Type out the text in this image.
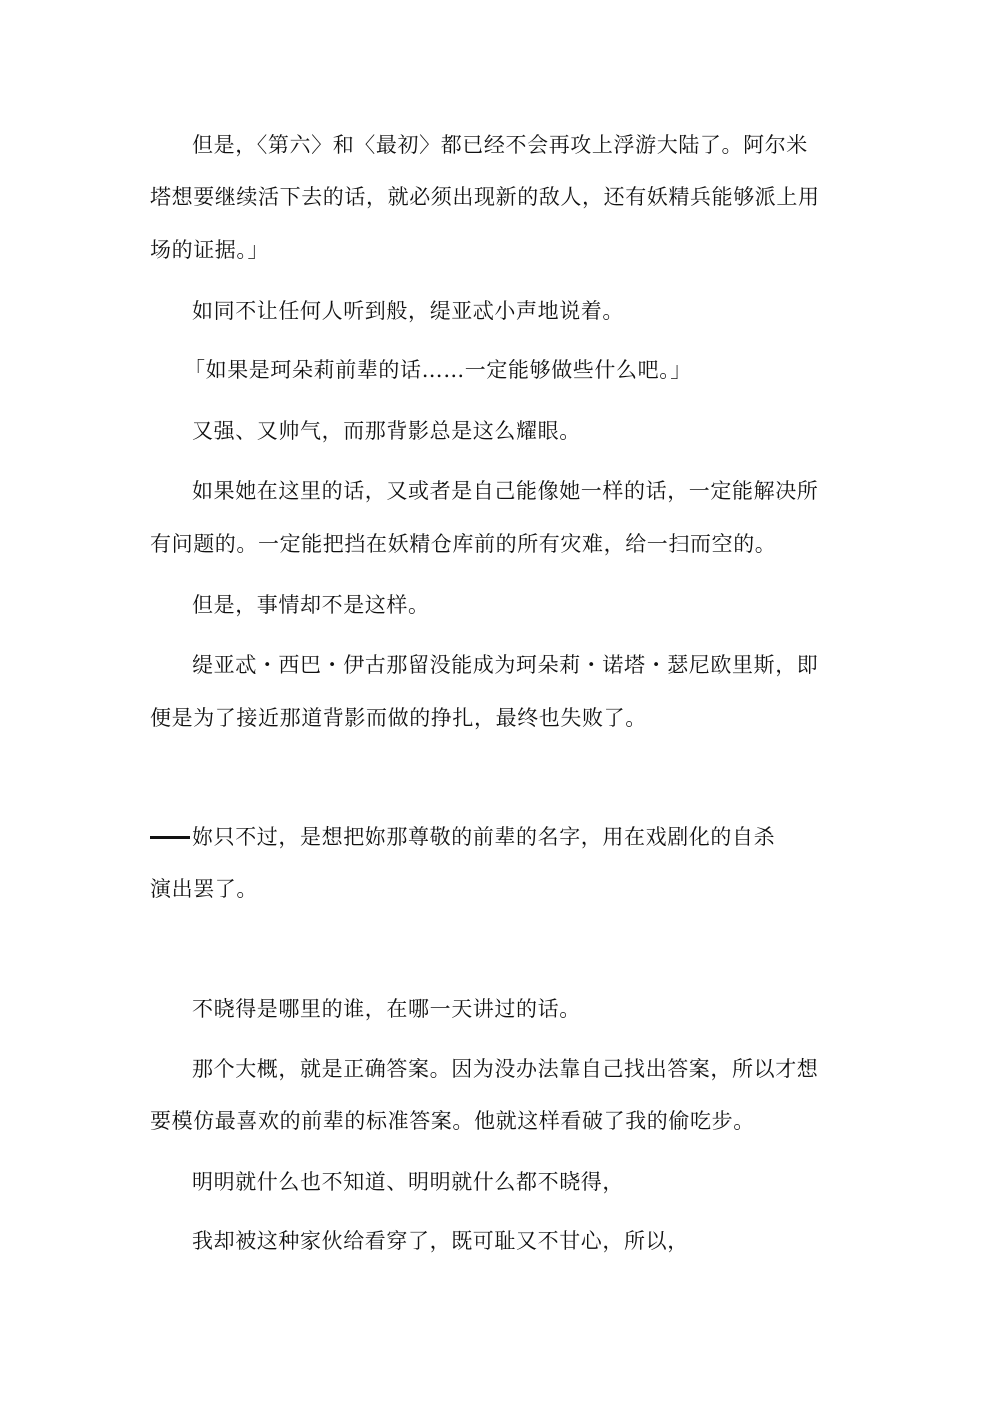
但是，〈第六〉和〈最初〉都已经不会再攻上浮游大陆了。阿尔米
塔想要继续活下去的话，就必须出现新的敌人，还有妖精兵能够派上用
场的证据。」
如同不让任何人听到般，缇亚忒小声地说着。
「如果是珂朵莉前辈的话……一定能够做些什么吧。」
又强、又帅气，而那背影总是这么耀眼。
如果她在这里的话，又或者是自己能像她一样的话，一定能解决所
有问题的。一定能把挡在妖精仓库前的所有灾难，给一扫而空的。
但是，事情却不是这样。
缇亚忒・西巴・伊古那留没能成为珂朵莉・诺塔・瑟尼欧里斯，即
便是为了接近那道背影而做的挣扎，最终也失败了。
妳只不过，是想把妳那尊敬的前辈的名字，用在戏剧化的自杀
演出罢了。
不晓得是哪里的谁，在哪一天讲过的话。
那个大概，就是正确答案。因为没办法靠自己找出答案，所以才想
要模仿最喜欢的前辈的标准答案。他就这样看破了我的偷吃步。
明明就什么也不知道、明明就什么都不晓得，
我却被这种家伙给看穿了，既可耻又不甘心，所以，
